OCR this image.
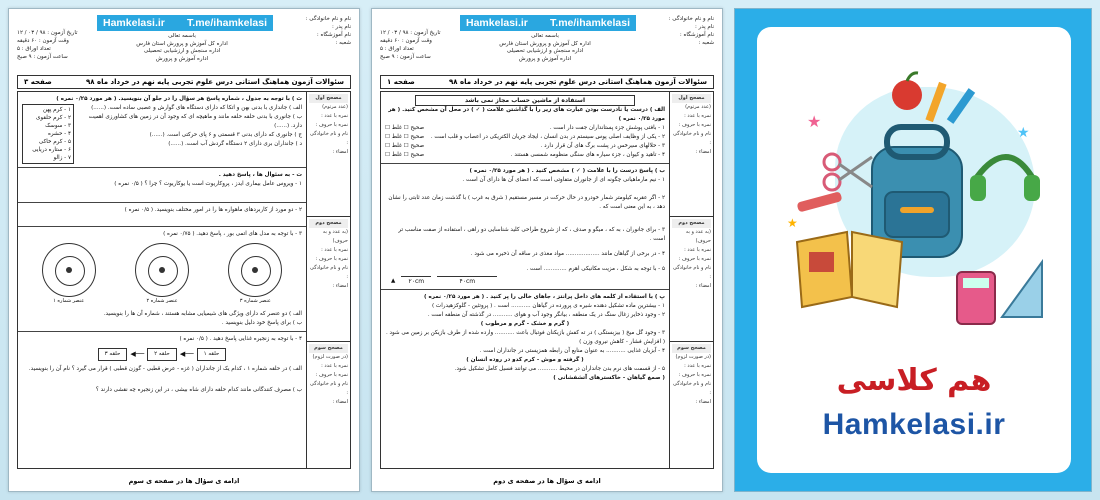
Hamkelasi.ir T.me/ihamkelasi
تاریخ آزمون : ۹۸ / ۰۳ / ۱۲
وقت آزمون : ۶۰ دقیقه
تعداد اوراق : ۵
ساعت آزمون : ۹ صبح
باسمه تعالی
اداره کل آموزش و پرورش استان فارس
اداره سنجش و ارزشیابی تحصیلی
اداره آموزش و پرورش
نام و نام خانوادگی :
نام پدر :
نام آموزشگاه :
شعبه :
سئوالات آزمون هماهنگ استانی درس علوم تجربی پایه نهم در خرداد ماه ۹۸
صفحه ۳
مصحح اول
(عدد مرتوم)
نمره با عدد :
نمره با حروف :
نام و نام خانوادگی :
امضاء :
مصحح دوم
(به عدد و به حروف)
نمره با عدد :
نمره با حروف :
نام و نام خانوادگی :
امضاء :
مصحح سوم
(در صورت لزوم)
نمره با عدد :
نمره با حروف :
نام و نام خانوادگی :
امضاء :
ث ) با توجه به جدول ، شماره پاسخ هر سؤال را در جلو آن بنویسید. ( هر مورد ۰/۲۵ نمره )
الف ) جانداری با بدنی بهن و اتکا که دارای دستگاه های گوارش و عصبی ساده است. (......)
ب ) جانوری با بدنی حلقه حلقه مانند و ماهیچه ای که وجود آن در زمین های کشاورزی اهمیت دارد. (......)
ج ) جانوری که دارای بدنی ۳ قسمتی و ۶ پای حرکتی است. (......)
د ) جانداران بری دارای ۲ دستگاه گردش آب است. (......)
۱ - کرم پهن
۲ - کرم حلقوی
۳ - سوسک
۴ - حشره
۵ - کرم خاکی
۶ - ستاره دریایی
۷ - زالو
ت - به سئوال ها ، پاسخ دهید .
۱ - ویروس عامل بیماری ایدز ، پروکاریوت است یا یوکاریوت ؟ چرا ؟ ( ۰/۵ نمره )
۲ - دو مورد از کاربردهای ماهواره ها را در امور مختلف بنویسید. ( ۰/۵ نمره )
۳ - با توجه به مدل های اتمی بور ، پاسخ دهید. ( ۰/۷۵ نمره )
عنصر شماره ۳
عنصر شماره ۲
عنصر شماره ۱
الف ) دو عنصر که دارای ویژگی های شیمیایی مشابه هستند ، شماره آن ها را بنویسید.
ب ) برای پاسخ خود دلیل بنویسید .
۴ - با توجه به زنجیره غذایی پاسخ دهید . ( ۰/۵ نمره )
حلقه ۳	◀──	حلقه ۲	◀──	حلقه ۱
الف ) در حلقه شماره ۱ ، کدام یک از جانداران ( غزه - عرض قطبی - گوزن قطبی ) قرار می گیرد ؟ نام آن را بنویسید.
ب ) مصرف کنندگانی مانند کدام حلقه دارای شاه بیشی ، در این زنجیره چه نقشی دارند ؟
ادامه ی سؤال ها در صفحه ی سوم
Hamkelasi.ir T.me/ihamkelasi
تاریخ آزمون : ۹۸ / ۰۳ / ۱۲
وقت آزمون : ۶۰ دقیقه
تعداد اوراق : ۵
ساعت آزمون : ۹ صبح
باسمه تعالی
اداره کل آموزش و پرورش استان فارس
اداره سنجش و ارزشیابی تحصیلی
اداره آموزش و پرورش
نام و نام خانوادگی :
نام پدر :
نام آموزشگاه :
شعبه :
سئوالات آزمون هماهنگ استانی درس علوم تجربی پایه نهم در خرداد ماه ۹۸
صفحه ۱
مصحح اول
(عدد مرتوم)
نمره با عدد :
نمره با حروف :
نام و نام خانوادگی :
امضاء :
مصحح دوم
(به عدد و به حروف)
نمره با عدد :
نمره با حروف :
نام و نام خانوادگی :
امضاء :
مصحح سوم
(در صورت لزوم)
نمره با عدد :
نمره با حروف :
نام و نام خانوادگی :
امضاء :
استفاده از ماشین حساب مجاز نمی باشد
الف ) درست یا نادرست بودن عبارت های زیر را با گذاشتن علامت ( ✓ ) در محل آن مشخص کنید. ( هر مورد ۰/۲۵ نمره )
۱ - بافتی پوشش جزء پستانداران جفت دار است .
صحیح ☐ غلط ☐
۲ - یکی از وظایف اصلی پوس سیستم در بدن انسان ، ایجاد جریان الکتریکی در اعصاب و قلب است .
صحیح ☐ غلط ☐
۳ - حلالهای سیرخس در پشت برگ های آن قرار دارد .
صحیح ☐ غلط ☐
۴ - تاهید و کیوان ، جزء سیاره های سنگی منظومه شمسی هستند .
صحیح ☐ غلط ☐
ب ) پاسخ درست را با علامت ( ✓ ) مشخص کنید . ( هر مورد ۰/۲۵ نمره )
۱ - نیم مارماهیانی چگونه ای از جانوران متفاوتی است که اعضای آن ها دارای آن است .
۲ - اگر عقربه کیلومتر شمار خودرو در حال حرکت در مسیر مستقیم ( شرق به غرب ) با گذشت زمان عدد ثابتی را نشان دهد ، به این معنی است که .
۳ - برای جانوران ، به که ، میگو و صدف ، که از شروع طراحی کلید شناسایی دو راهی ، استفاده از صفت مناسب تر است .
۴ - در برخی از گیاهان مانند ................... مواد مغذی در ساقه آن ذخیره می شود .
۵ - با توجه به شکل ، مزیت مکانیکی اهرم ............. است .
▲	۲۰cm	۴۰cm
پ ) با استفاده از کلمه های داخل پرانتز ، جاهای خالی را پر کنید . ( هر مورد ۰/۲۵ نمره )
۱ - بیشترین ماده تشکیل دهنده شیره ی پرورده در گیاهان ........... است . ( پروتئین - گلوکزهیدرات )
۲ - وجود ذخایر زغال سنگ در یک منطقه ، بیانگر وجود آب و هوای ........... در گذشته آن منطقه است .
( گرم و خشک - گرم و مرطوب )
۳ - وجود گل میخ ( بیزبستگی ) در ته کفش بازیکنان فوتبال باعث ........... وارده شده از طرف بازیکن بر زمین می شود . ( افزایش فشار - کاهش نیروی وزن )
۴ - آبزیان غذایی ........... به عنوان منابع آن رابطه همزیستی در جانداران است .
( گرفته و موش - کرم کدو در روده انسان )
۵ - از قسمت های نرم بدن جانداران در محیط ........... می توانند فسیل کامل تشکیل شود.
( صمغ گیاهان - خاکسترهای آتشفشانی )
ادامه ی سؤال ها در صفحه ی دوم
★
★
★
هم کلاسی
Hamkelasi.ir
